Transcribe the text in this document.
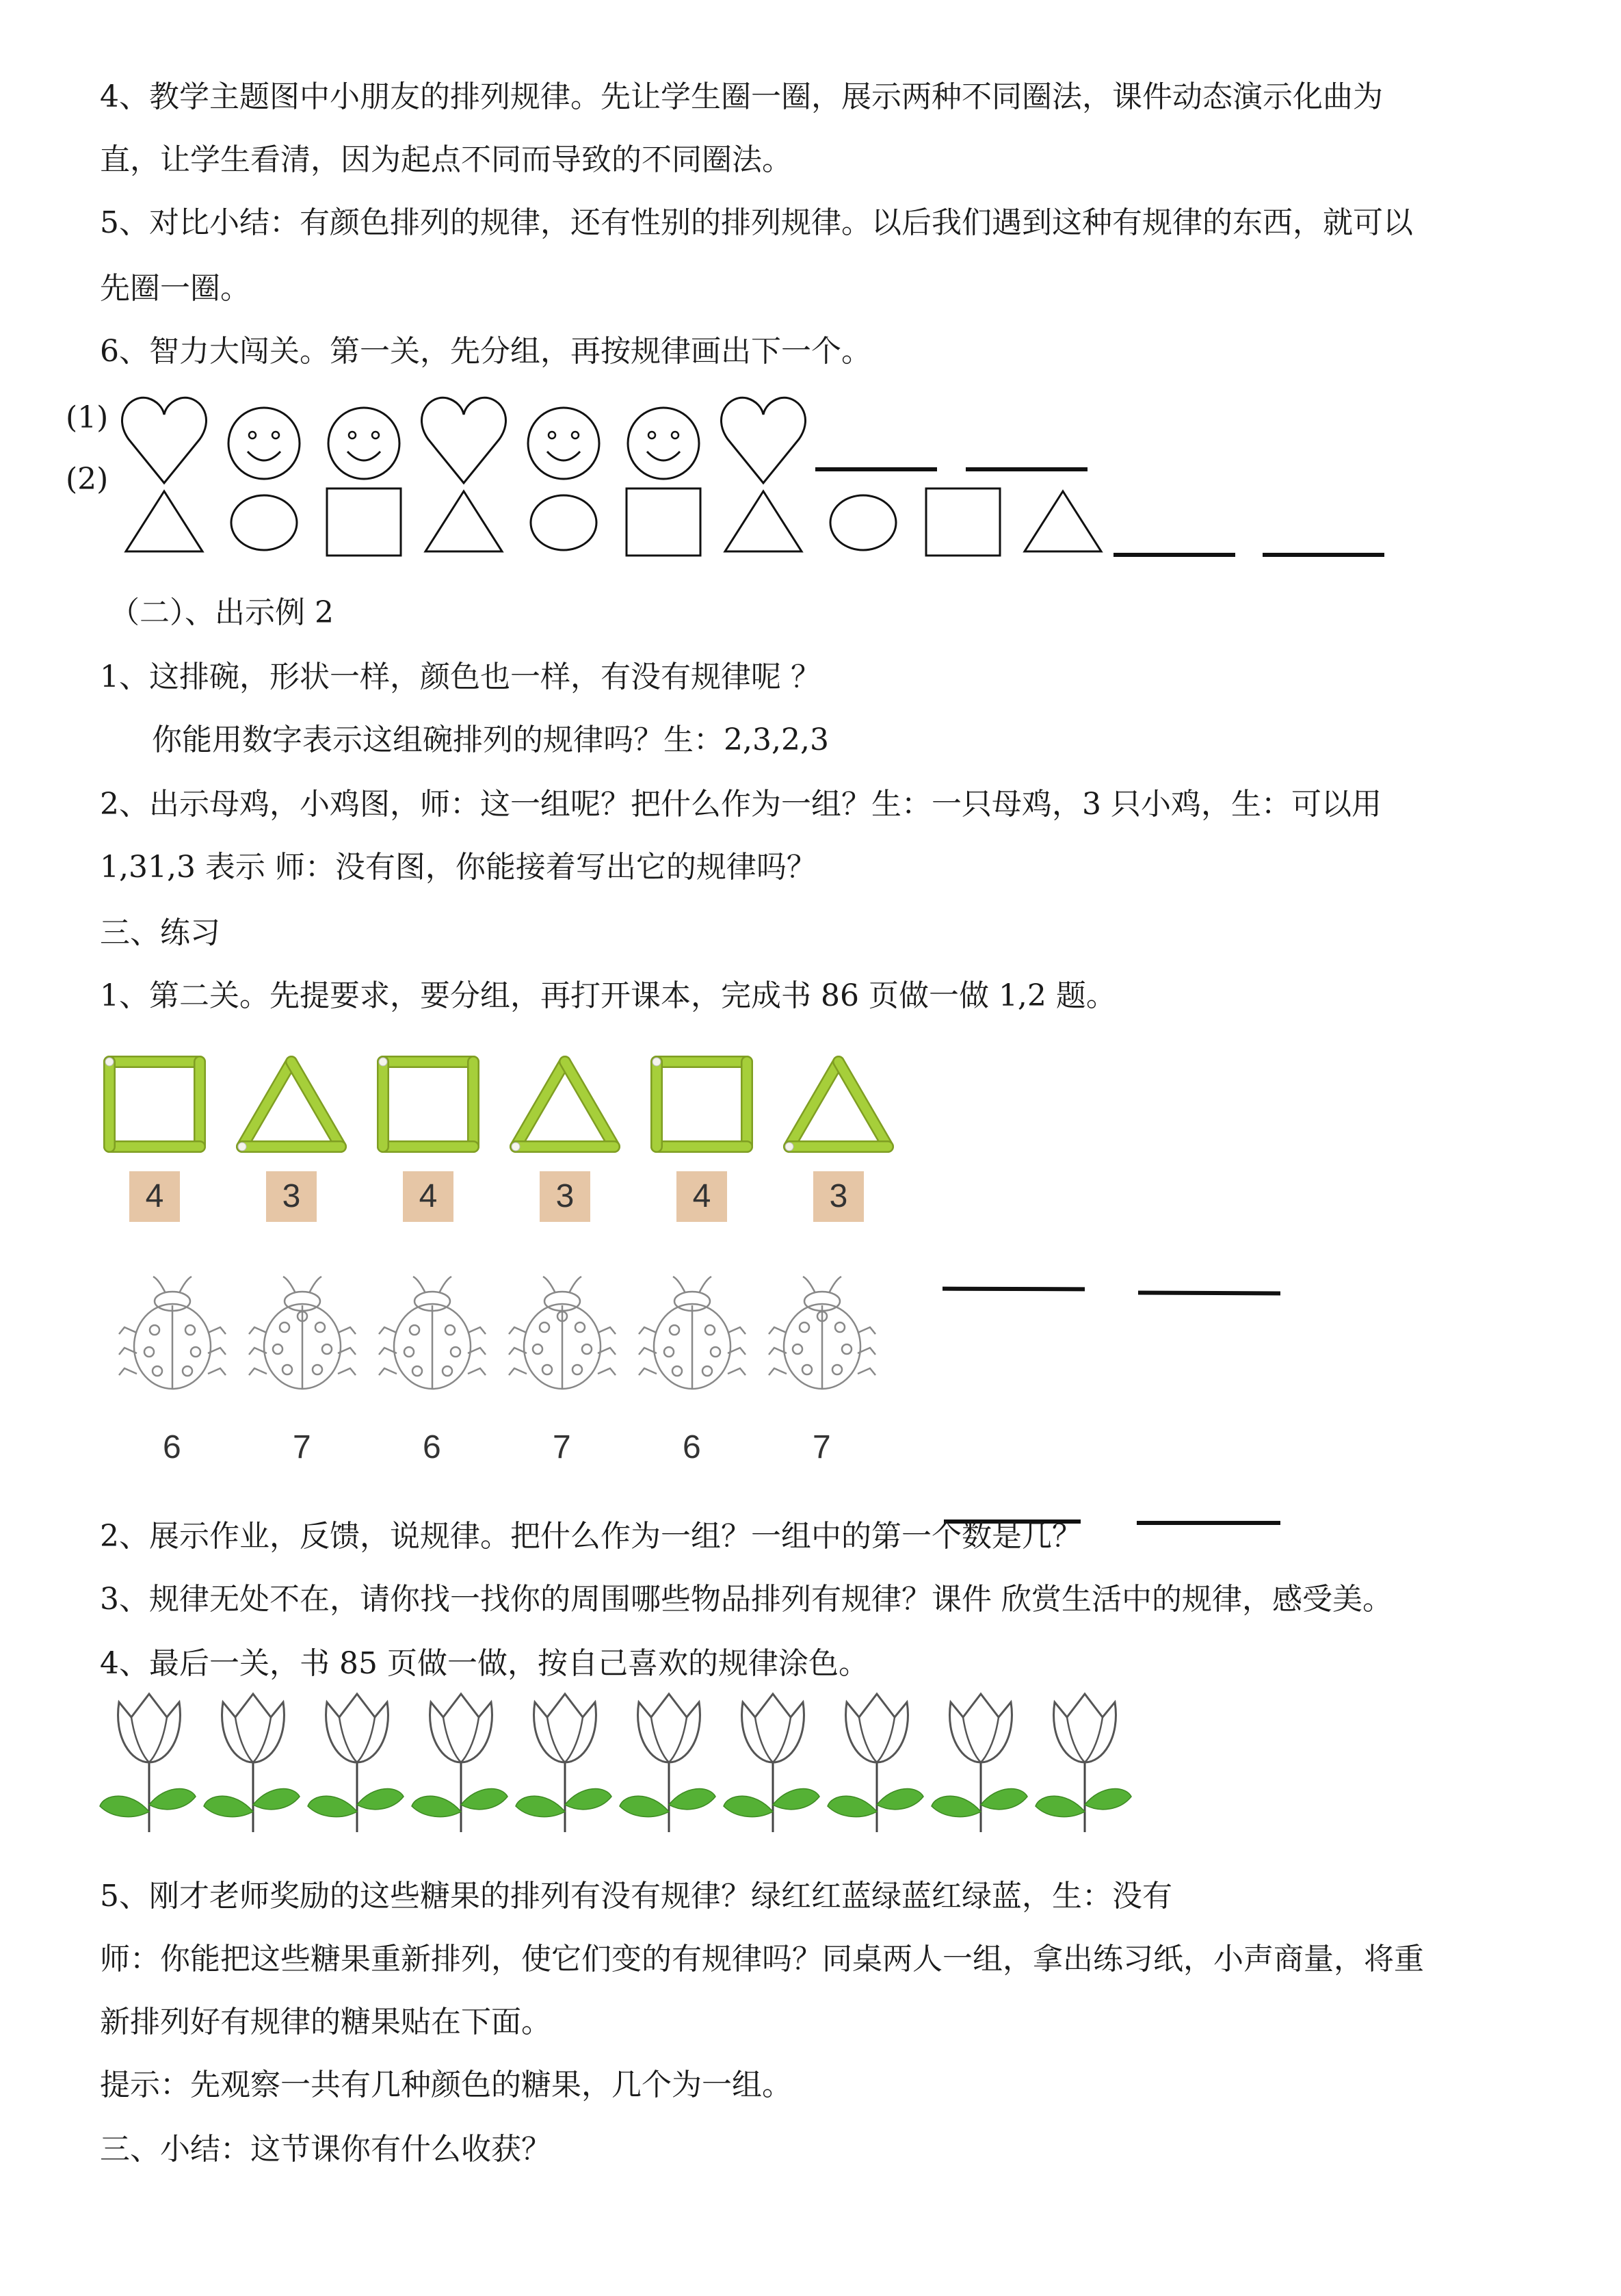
4、教学主题图中小朋友的排列规律。先让学生圈一圈，展示两种不同圈法，课件动态演示化曲为
直，让学生看清，因为起点不同而导致的不同圈法。
5、对比小结：有颜色排列的规律，还有性别的排列规律。以后我们遇到这种有规律的东西，就可以
先圈一圈。
6、智力大闯关。第一关，先分组，再按规律画出下一个。
(1)
(2)
（二）、出示例 2
1、这排碗，形状一样，颜色也一样，有没有规律呢 ？
你能用数字表示这组碗排列的规律吗？生：2,3,2,3
2、出示母鸡，小鸡图，师：这一组呢？把什么作为一组？生：一只母鸡，3 只小鸡，生：可以用
1,31,3 表示 师：没有图，你能接着写出它的规律吗？
三、练习
1、第二关。先提要求，要分组，再打开课本，完成书 86 页做一做 1,2 题。
4	3	4	3	4	3
6	7	6	7	6	7
2、展示作业，反馈，说规律。把什么作为一组？一组中的第一个数是几？
3、规律无处不在，请你找一找你的周围哪些物品排列有规律？课件 欣赏生活中的规律，感受美。
4、最后一关，书 85 页做一做，按自己喜欢的规律涂色。
5、刚才老师奖励的这些糖果的排列有没有规律？绿红红蓝绿蓝红绿蓝，生：没有
师：你能把这些糖果重新排列，使它们变的有规律吗？同桌两人一组，拿出练习纸，小声商量，将重
新排列好有规律的糖果贴在下面。
提示：先观察一共有几种颜色的糖果，几个为一组。
三、小结：这节课你有什么收获？
